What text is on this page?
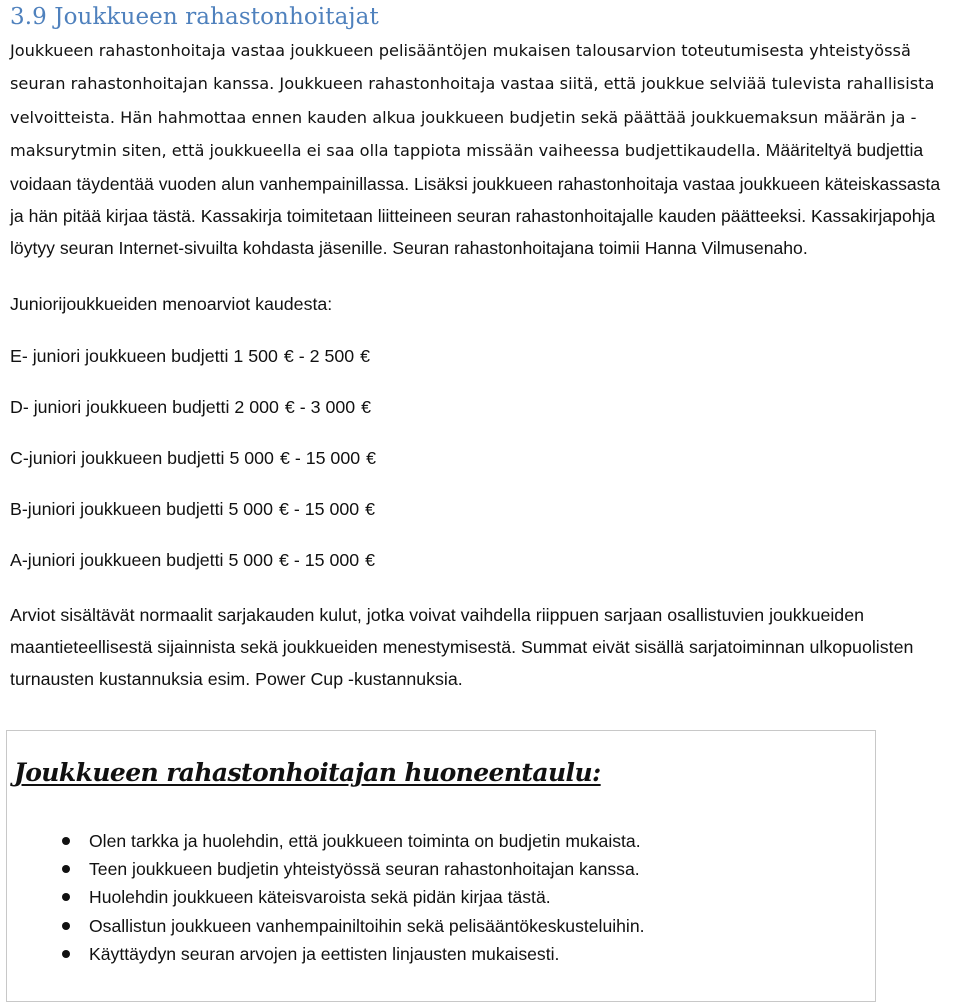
3.9 Joukkueen rahastonhoitajat

Joukkueen rahastonhoitaja vastaa joukkueen pelisääntöjen mukaisen talousarvion toteutumisesta yhteistyössä seuran rahastonhoitajan kanssa. Joukkueen rahastonhoitaja vastaa siitä, että joukkue selviää tulevista rahallisista velvoitteista. Hän hahmottaa ennen kauden alkua joukkueen budjetin sekä päättää joukkuemaksun määrän ja -maksurytmin siten, että joukkueella ei saa olla tappiota missään vaiheessa budjettikaudella. Määriteltyä budjettia voidaan täydentää vuoden alun vanhempainillassa. Lisäksi joukkueen rahastonhoitaja vastaa joukkueen käteiskassasta ja hän pitää kirjaa tästä. Kassakirja toimitetaan liitteineen seuran rahastonhoitajalle kauden päätteeksi. Kassakirjapohja löytyy seuran Internet-sivuilta kohdasta jäsenille. Seuran rahastonhoitajana toimii Hanna Vilmusenaho.

Juniorijoukkueiden menoarviot kaudesta:

E- juniori joukkueen budjetti
1 500 € -
2 500 €
D- juniori joukkueen budjetti
2 000 € -
3 000 €
C-juniori joukkueen budjetti
5 000 € -
15 000 €
B-juniori joukkueen budjetti
5 000 € -
15 000 €
A-juniori joukkueen budjetti
5 000 € -
15 000 €

Arviot sisältävät normaalit sarjakauden kulut, jotka voivat vaihdella riippuen sarjaan osallistuvien joukkueiden maantieteellisestä sijainnista sekä joukkueiden menestymisestä. Summat eivät sisällä sarjatoiminnan ulkopuolisten turnausten kustannuksia esim. Power Cup -kustannuksia.

Joukkueen rahastonhoitajan huoneentaulu:
Olen tarkka ja huolehdin, että joukkueen toiminta on budjetin mukaista.
Teen joukkueen budjetin yhteistyössä seuran rahastonhoitajan kanssa.
Huolehdin joukkueen käteisvaroista sekä pidän kirjaa tästä.
Osallistun joukkueen vanhempainiltoihin sekä pelisääntökeskusteluihin.
Käyttäydyn seuran arvojen ja eettisten linjausten mukaisesti.
